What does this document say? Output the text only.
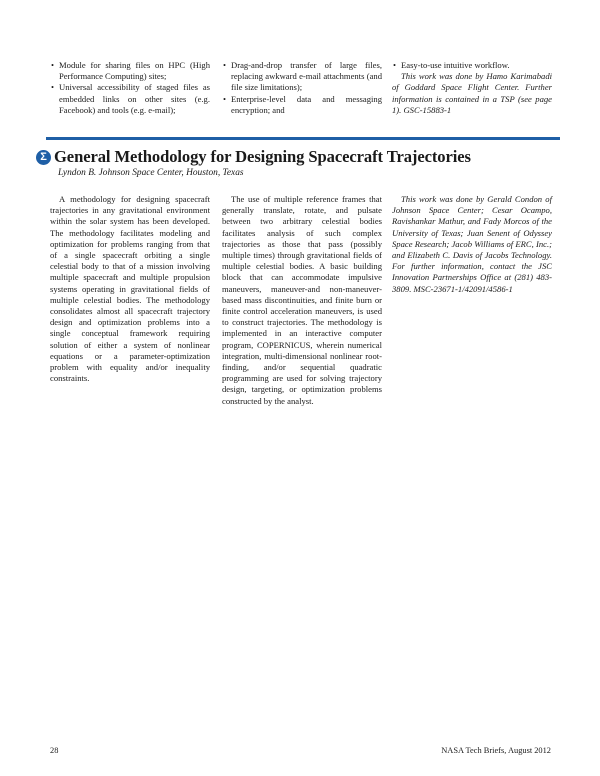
• Module for sharing files on HPC (High Performance Computing) sites;

• Universal accessibility of staged files as embedded links on other sites (e.g. Facebook) and tools (e.g. e-mail);

• Drag-and-drop transfer of large files, replacing awkward e-mail attachments (and file size limitations);

• Enterprise-level data and messaging encryption; and

• Easy-to-use intuitive workflow.

This work was done by Hamo Karimabadi of Goddard Space Flight Center. Further information is contained in a TSP (see page 1). GSC-15883-1

Σ General Methodology for Designing Spacecraft Trajectories
Lyndon B. Johnson Space Center, Houston, Texas

A methodology for designing spacecraft trajectories in any gravitational environment within the solar system has been developed. The methodology facilitates modeling and optimization for problems ranging from that of a single spacecraft orbiting a single celestial body to that of a mission involving multiple spacecraft and multiple propulsion systems operating in gravitational fields of multiple celestial bodies. The methodology consolidates almost all spacecraft trajectory design and optimization problems into a single conceptual framework requiring solution of either a system of nonlinear equations or a parameter-optimization problem with equality and/or inequality constraints.

The use of multiple reference frames that generally translate, rotate, and pulsate between two arbitrary celestial bodies facilitates analysis of such complex trajectories as those that pass (possibly multiple times) through gravitational fields of multiple celestial bodies. A basic building block that can accommodate impulsive maneuvers, maneuver-and non-maneuver-based mass discontinuities, and finite burn or finite control acceleration maneuvers, is used to construct trajectories. The methodology is implemented in an interactive computer program, COPERNICUS, wherein numerical integration, multi-dimensional nonlinear root-finding, and/or sequential quadratic programming are used for solving trajectory design, targeting, or optimization problems constructed by the analyst.

This work was done by Gerald Condon of Johnson Space Center; Cesar Ocampo, Ravishankar Mathur, and Fady Morcos of the University of Texas; Juan Senent of Odyssey Space Research; Jacob Williams of ERC, Inc.; and Elizabeth C. Davis of Jacobs Technology. For further information, contact the JSC Innovation Partnerships Office at (281) 483-3809. MSC-23671-1/42091/4586-1

28	NASA Tech Briefs, August 2012
